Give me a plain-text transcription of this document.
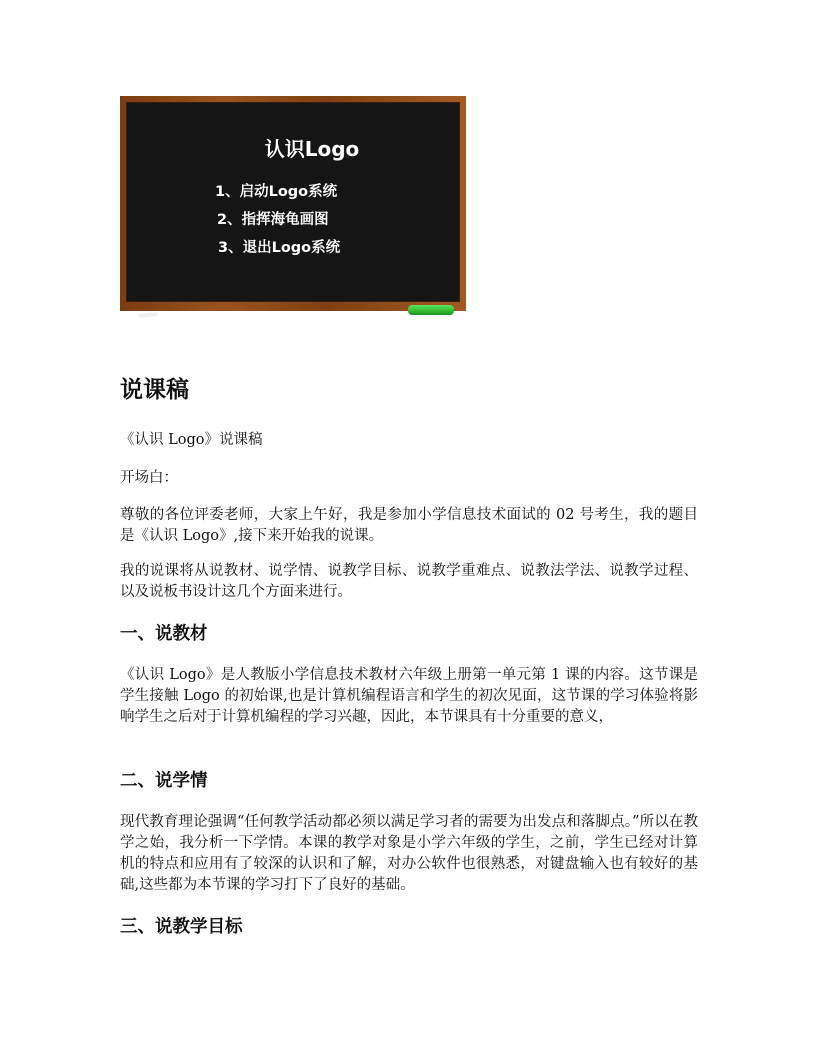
认识Logo
1、启动Logo系统
2、指挥海龟画图
3、退出Logo系统
说课稿
《认识 Logo》说课稿
开场白：
尊敬的各位评委老师，大家上午好，我是参加小学信息技术面试的 02 号考生，我的题目是《认识 Logo》,接下来开始我的说课。
我的说课将从说教材、说学情、说教学目标、说教学重难点、说教法学法、说教学过程、以及说板书设计这几个方面来进行。
一、说教材
《认识 Logo》是人教版小学信息技术教材六年级上册第一单元第 1 课的内容。这节课是学生接触 Logo 的初始课,也是计算机编程语言和学生的初次见面，这节课的学习体验将影响学生之后对于计算机编程的学习兴趣，因此，本节课具有十分重要的意义，
二、说学情
现代教育理论强调“任何教学活动都必须以满足学习者的需要为出发点和落脚点。”所以在教学之始，我分析一下学情。本课的教学对象是小学六年级的学生，之前，学生已经对计算机的特点和应用有了较深的认识和了解，对办公软件也很熟悉，对键盘输入也有较好的基础,这些都为本节课的学习打下了良好的基础。
三、说教学目标
